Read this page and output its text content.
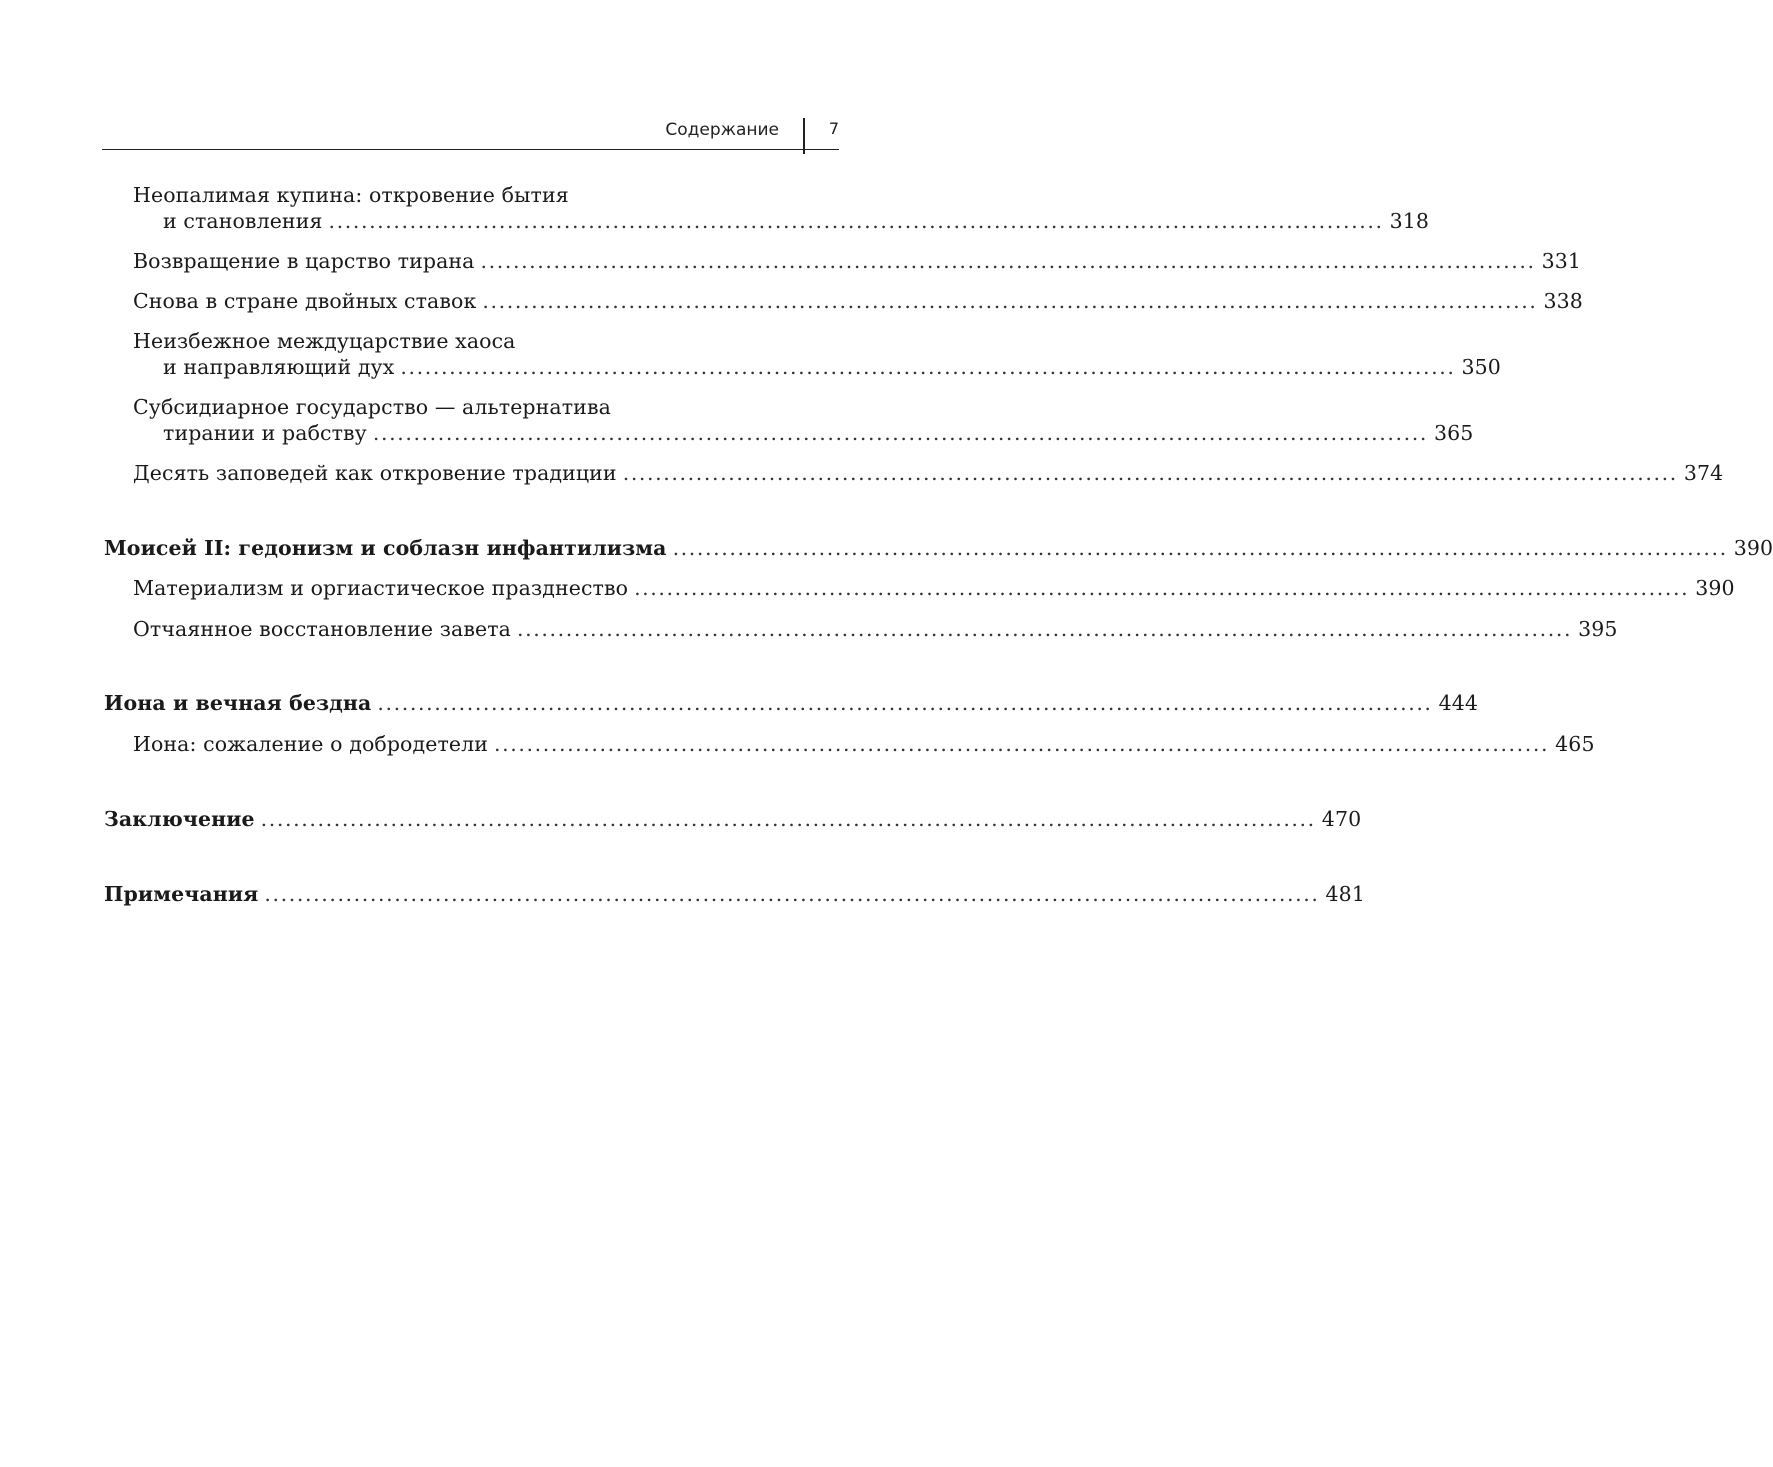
Содержание	7
Неопалимая купина: откровение бытия
и становления .................................................................................................................................. 318
Возвращение в царство тирана .................................................................................................................................. 331
Снова в стране двойных ставок .................................................................................................................................. 338
Неизбежное междуцарствие хаоса
и направляющий дух .................................................................................................................................. 350
Субсидиарное государство — альтернатива
тирании и рабству .................................................................................................................................. 365
Десять заповедей как откровение традиции .................................................................................................................................. 374
Моисей II: гедонизм и соблазн инфантилизма .................................................................................................................................. 390
Материализм и оргиастическое празднество .................................................................................................................................. 390
Отчаянное восстановление завета .................................................................................................................................. 395
Иона и вечная бездна .................................................................................................................................. 444
Иона: сожаление о добродетели .................................................................................................................................. 465
Заключение .................................................................................................................................. 470
Примечания .................................................................................................................................. 481
